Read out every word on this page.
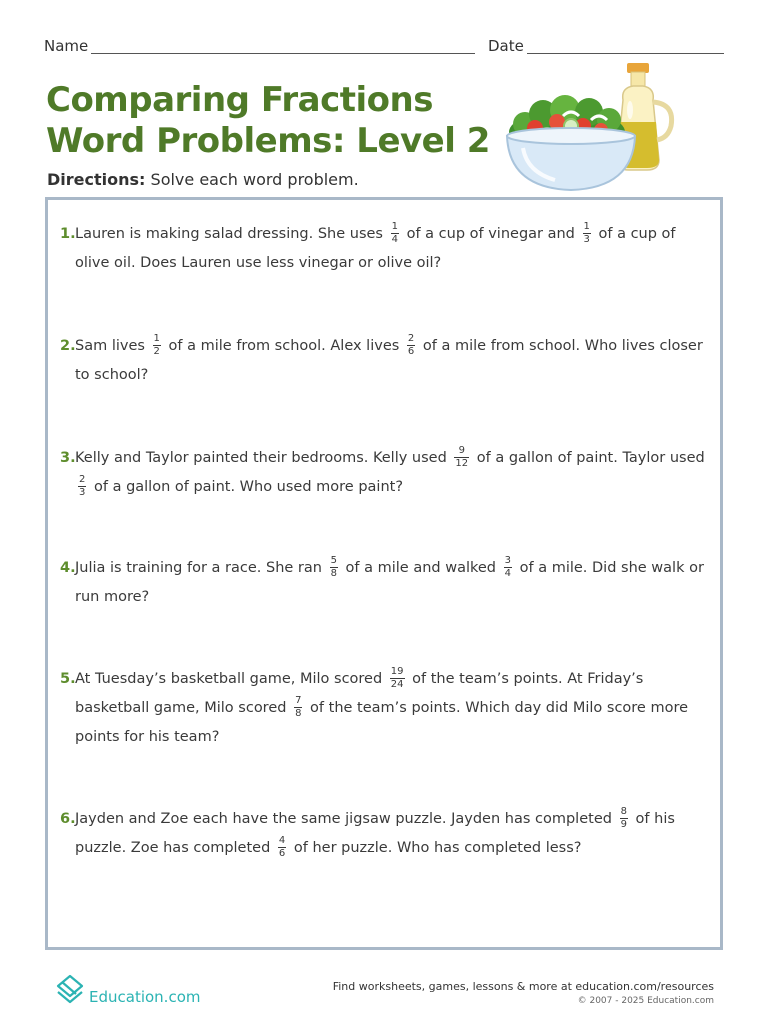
Name	Date
Comparing Fractions
Word Problems: Level 2
Directions: Solve each word problem.
1. Lauren is making salad dressing. She uses $\frac{1}{4}$ of a cup of vinegar and $\frac{1}{3}$ of a cup of olive oil. Does Lauren use less vinegar or olive oil?
2. Sam lives $\frac{1}{2}$ of a mile from school. Alex lives $\frac{2}{6}$ of a mile from school. Who lives closer to school?
3. Kelly and Taylor painted their bedrooms. Kelly used $\frac{9}{12}$ of a gallon of paint. Taylor used
$\frac{2}{3}$ of a gallon of paint. Who used more paint?
4. Julia is training for a race. She ran $\frac{5}{8}$ of a mile and walked $\frac{3}{4}$ of a mile. Did she walk or run more?
5. At Tuesday’s basketball game, Milo scored $\frac{19}{24}$ of the team’s points. At Friday’s basketball game, Milo scored $\frac{7}{8}$ of the team’s points. Which day did Milo score more points for his team?
6. Jayden and Zoe each have the same jigsaw puzzle. Jayden has completed $\frac{8}{9}$ of his puzzle. Zoe has completed $\frac{4}{6}$ of her puzzle. Who has completed less?
Education.com
Find worksheets, games, lessons & more at education.com/resources
© 2007 - 2025 Education.com
